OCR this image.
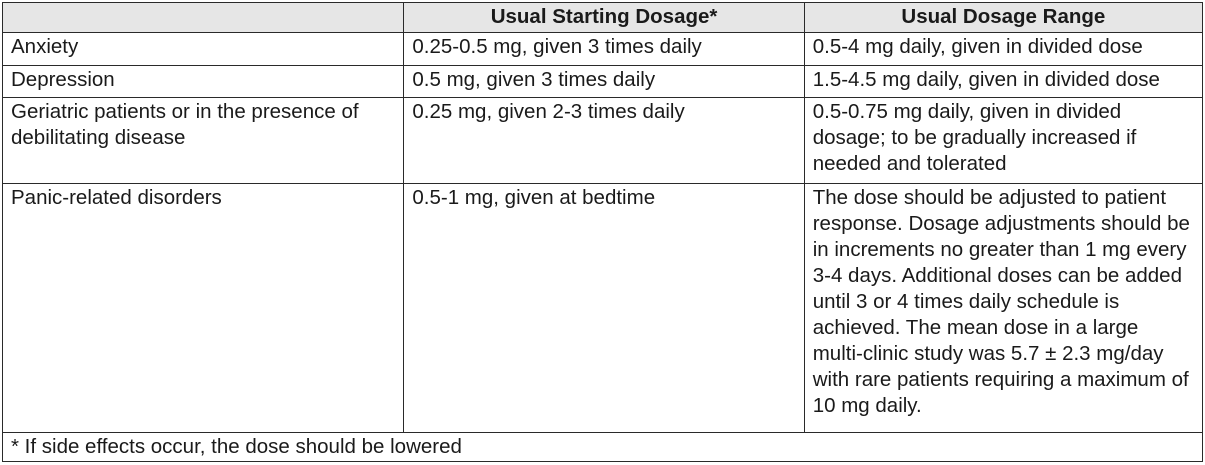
	Usual Starting Dosage*	Usual Dosage Range
Anxiety	0.25-0.5 mg, given 3 times daily	0.5-4 mg daily, given in divided dose
Depression	0.5 mg, given 3 times daily	1.5-4.5 mg daily, given in divided dose
Geriatric patients or in the presence of debilitating disease	0.25 mg, given 2-3 times daily	0.5-0.75 mg daily, given in divided dosage; to be gradually increased if needed and tolerated
Panic-related disorders	0.5-1 mg, given at bedtime	The dose should be adjusted to patient response. Dosage adjustments should be in increments no greater than 1 mg every 3-4 days. Additional doses can be added until 3 or 4 times daily schedule is achieved. The mean dose in a large multi-clinic study was 5.7 ± 2.3 mg/day with rare patients requiring a maximum of 10 mg daily.
* If side effects occur, the dose should be lowered		
